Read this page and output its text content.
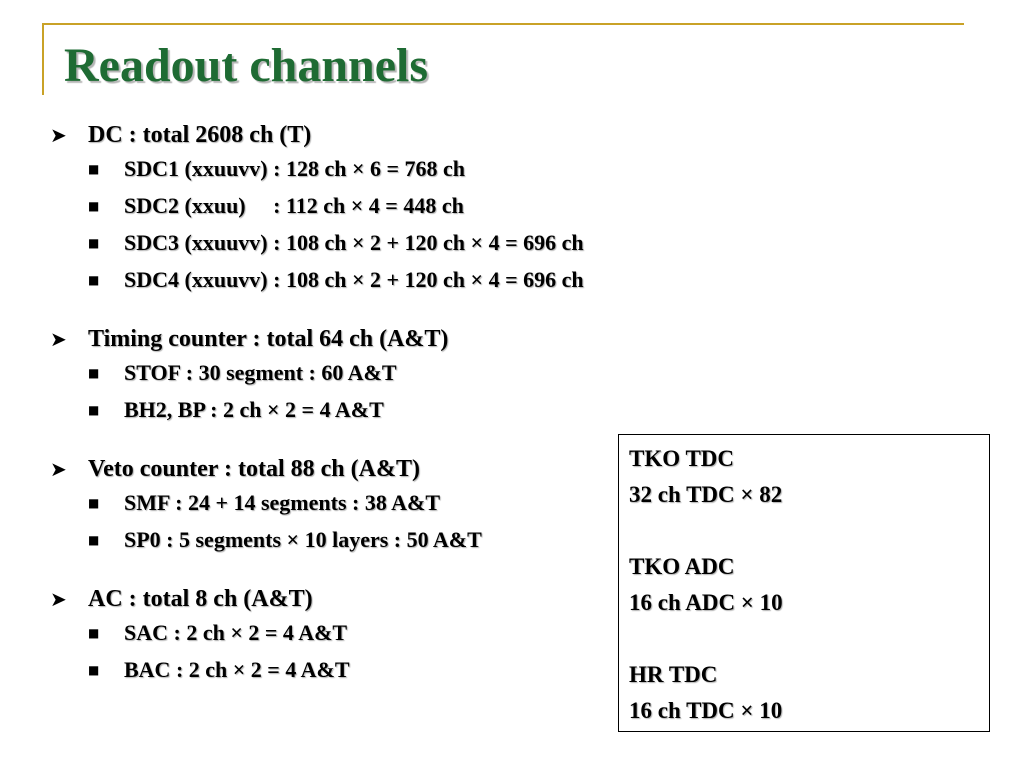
Readout channels
➤ DC : total 2608 ch (T)
■	SDC1 (xxuuvv) : 128 ch × 6 = 768 ch
■	SDC2 (xxuu)     : 112 ch × 4 = 448 ch
■	SDC3 (xxuuvv) : 108 ch × 2 + 120 ch × 4 = 696 ch
■	SDC4 (xxuuvv) : 108 ch × 2 + 120 ch × 4 = 696 ch
➤ Timing counter : total 64 ch (A&T)
■	STOF : 30 segment : 60 A&T
■	BH2, BP : 2 ch × 2 = 4 A&T
➤ Veto counter : total 88 ch (A&T)
■	SMF : 24 + 14 segments : 38 A&T
■	SP0 : 5 segments × 10 layers : 50 A&T
➤ AC : total 8 ch (A&T)
■	SAC : 2 ch × 2 = 4 A&T
■	BAC : 2 ch × 2 = 4 A&T
TKO TDC
32 ch TDC × 82
TKO ADC
16 ch ADC × 10
HR TDC
16 ch TDC × 10
